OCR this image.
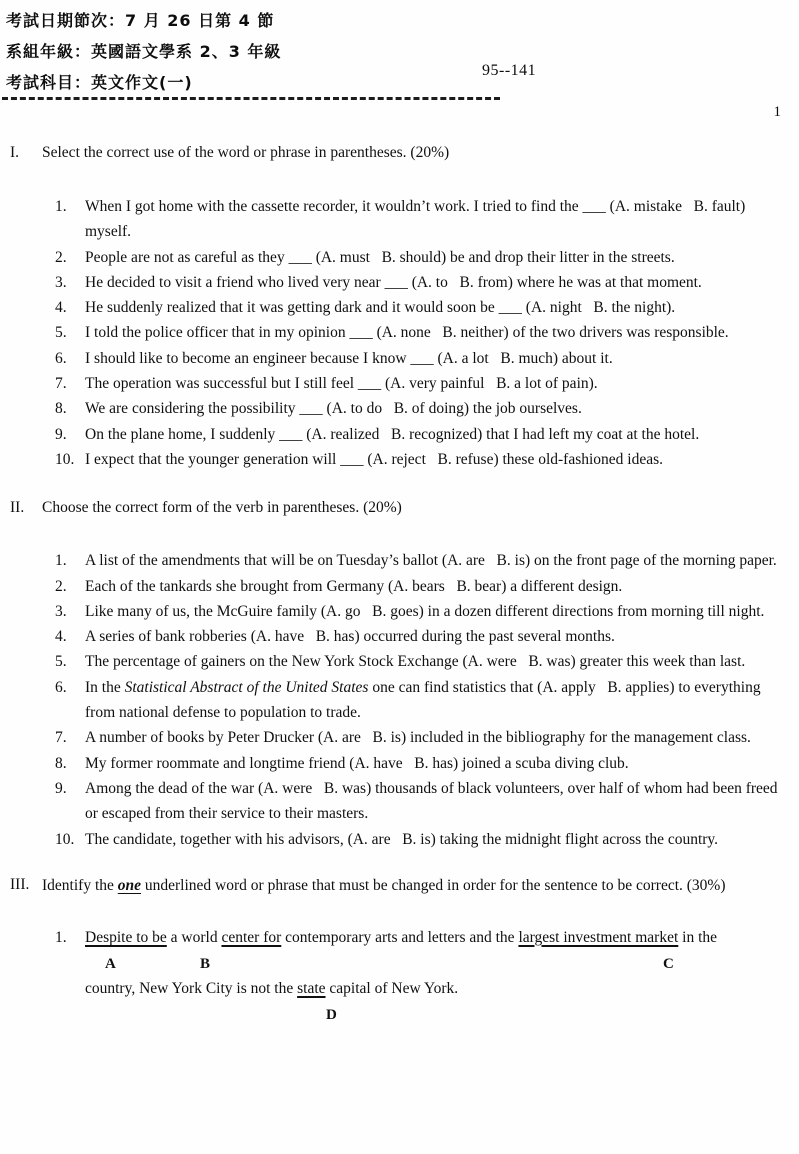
考試日期節次：7 月 26 日第 4 節
系組年級：英國語文學系 2、3 年級
考試科目：英文作文(一)
95--141
1
I.	Select the correct use of the word or phrase in parentheses. (20%)
1.	When I got home with the cassette recorder, it wouldn’t work. I tried to find the ___ (A. mistake   B. fault) myself.
2.	People are not as careful as they ___ (A. must   B. should) be and drop their litter in the streets.
3.	He decided to visit a friend who lived very near ___ (A. to   B. from) where he was at that moment.
4.	He suddenly realized that it was getting dark and it would soon be ___ (A. night   B. the night).
5.	I told the police officer that in my opinion ___ (A. none   B. neither) of the two drivers was responsible.
6.	I should like to become an engineer because I know ___ (A. a lot   B. much) about it.
7.	The operation was successful but I still feel ___ (A. very painful   B. a lot of pain).
8.	We are considering the possibility ___ (A. to do   B. of doing) the job ourselves.
9.	On the plane home, I suddenly ___ (A. realized   B. recognized) that I had left my coat at the hotel.
10. I expect that the younger generation will ___ (A. reject   B. refuse) these old-fashioned ideas.
II.	Choose the correct form of the verb in parentheses. (20%)
1.	A list of the amendments that will be on Tuesday’s ballot (A. are   B. is) on the front page of the morning paper.
2.	Each of the tankards she brought from Germany (A. bears   B. bear) a different design.
3.	Like many of us, the McGuire family (A. go   B. goes) in a dozen different directions from morning till night.
4.	A series of bank robberies (A. have   B. has) occurred during the past several months.
5.	The percentage of gainers on the New York Stock Exchange (A. were   B. was) greater this week than last.
6.	In the Statistical Abstract of the United States one can find statistics that (A. apply   B. applies) to everything from national defense to population to trade.
7.	A number of books by Peter Drucker (A. are   B. is) included in the bibliography for the management class.
8.	My former roommate and longtime friend (A. have   B. has) joined a scuba diving club.
9.	Among the dead of the war (A. were   B. was) thousands of black volunteers, over half of whom had been freed or escaped from their service to their masters.
10. The candidate, together with his advisors, (A. are   B. is) taking the midnight flight across the country.
III. Identify the one underlined word or phrase that must be changed in order for the sentence to be correct. (30%)
1.	Despite to be a world center for contemporary arts and letters and the largest investment market in the
A	B	C
country, New York City is not the state capital of New York.
D
